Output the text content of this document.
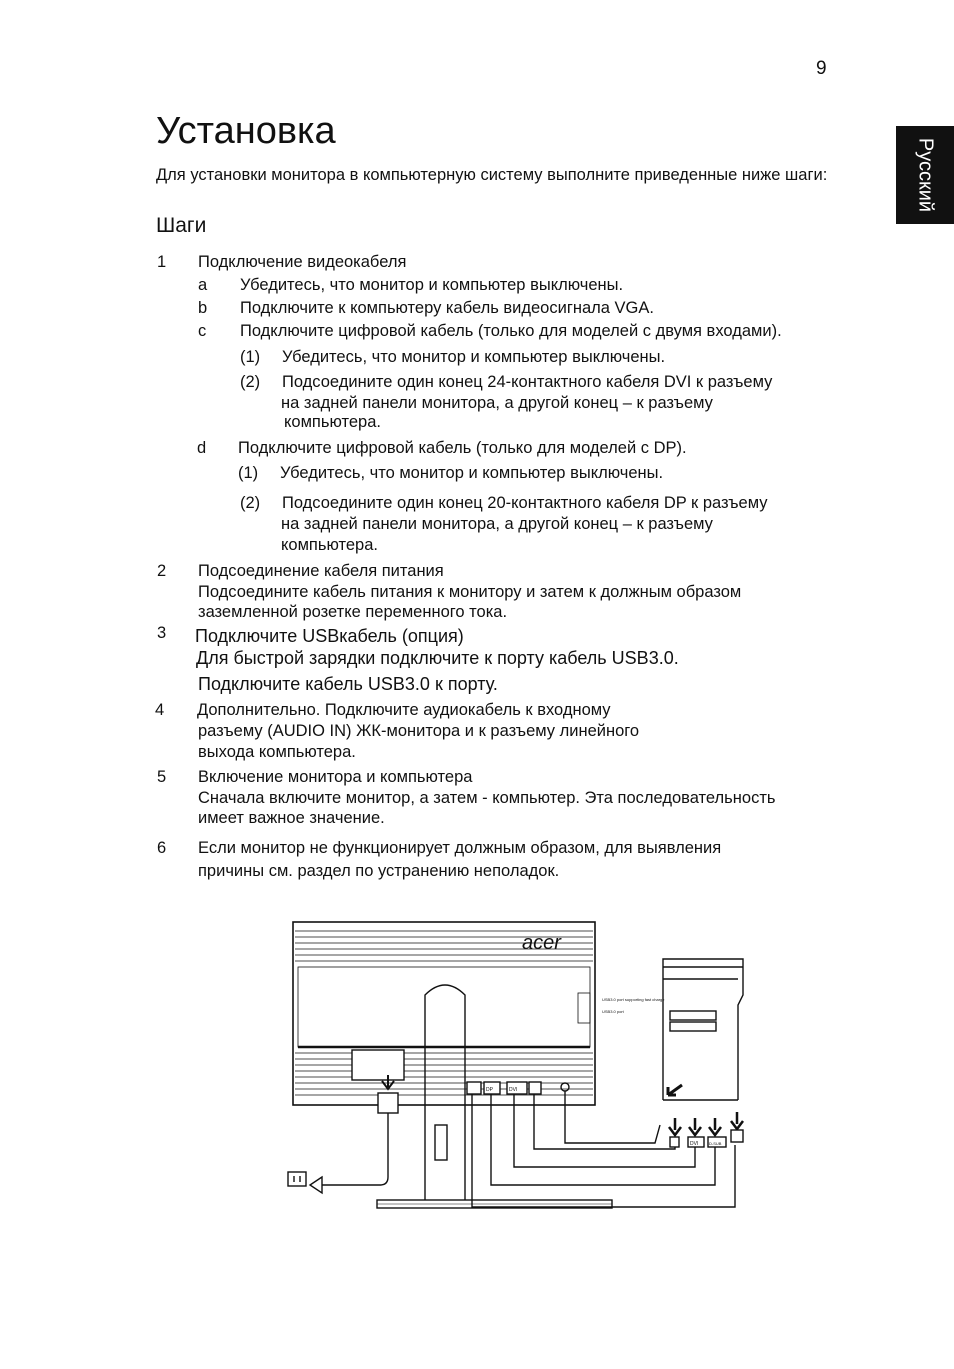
9
Русский
Установка
Для установки монитора в компьютерную систему выполните приведенные ниже шаги:
Шаги
1 Подключение видеокабеля
a Убедитесь, что монитор и компьютер выключены.
b Подключите к компьютеру кабель видеосигнала VGA.
c Подключите цифровой кабель (только для моделей с двумя входами).
(1) Убедитесь, что монитор и компьютер выключены.
(2) Подсоедините один конец 24-контактного кабеля DVI к разъему
на задней панели монитора, а другой конец – к разъему
компьютера.
d Подключите цифровой кабель (только для моделей с DP).
(1) Убедитесь, что монитор и компьютер выключены.
(2) Подсоедините один конец 20-контактного кабеля DP к разъему
на задней панели монитора, а другой конец – к разъему
компьютера.
2 Подсоединение кабеля питания
Подсоедините кабель питания к монитору и затем к должным образом
заземленной розетке переменного тока.
3 Подключите USBкабель (опция)
Для быстрой зарядки подключите к порту кабель USB3.0.
Подключите кабель USB3.0 к порту.
4 Дополнительно. Подключите аудиокабель к входному
разъему (AUDIO IN) ЖК-монитора и к разъему линейного
выхода компьютера.
5 Включение монитора и компьютера
Сначала включите монитор, а затем - компьютер. Эта последовательность
имеет важное значение.
6 Если монитор не функционирует должным образом, для выявления
причины см. раздел по устранению неполадок.
acer
USB3.0 port supporting fast charge
USB3.0 port
DP	DVI
DVI	D-SUB
